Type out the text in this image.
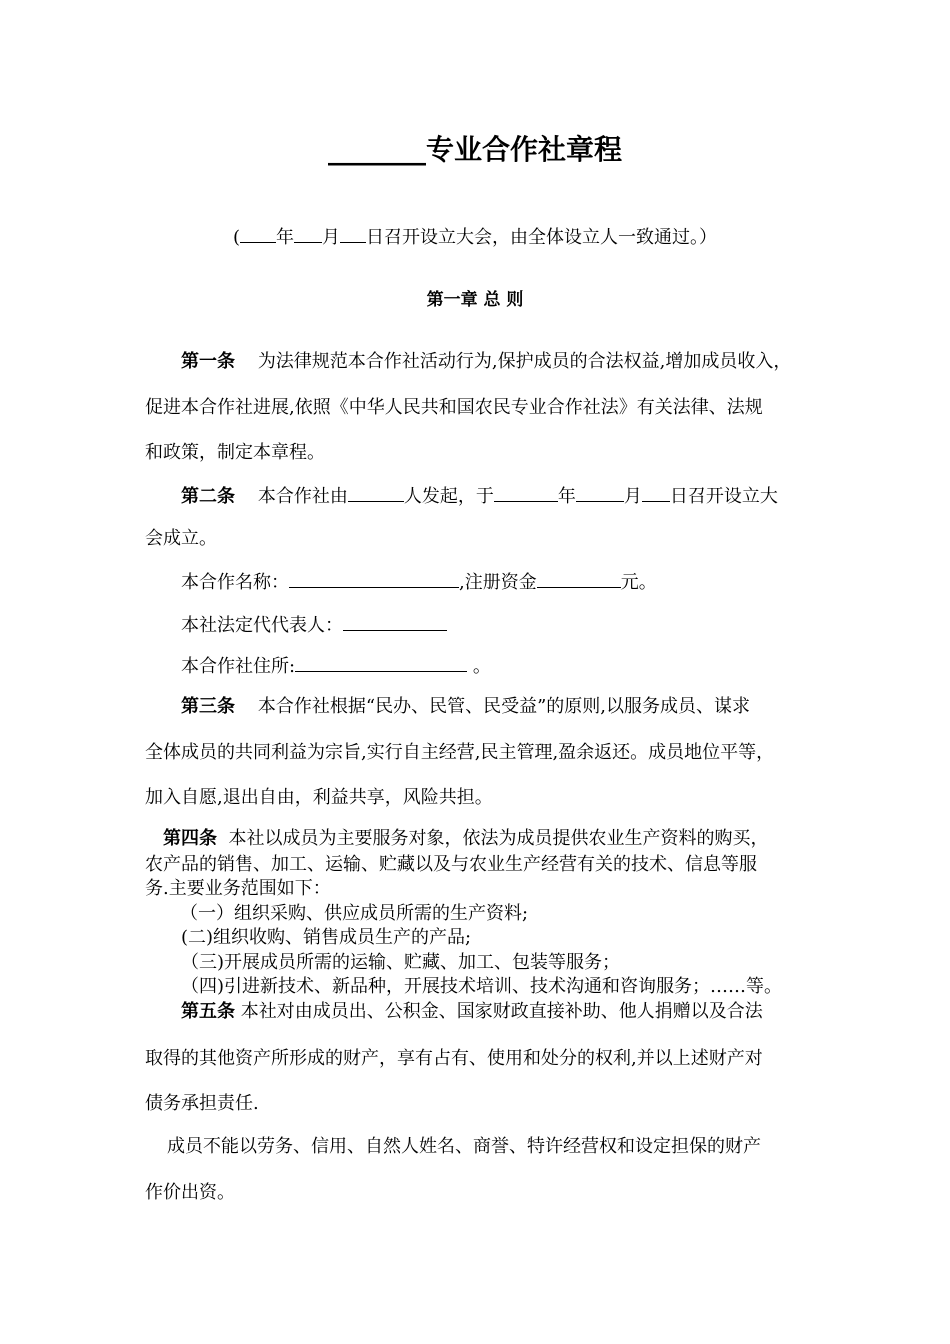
_______专业合作社章程
( 年 月 日召开设立大会，由全体设立人一致通过。）
第一章 总 则
第一条 为法律规范本合作社活动行为,保护成员的合法权益,增加成员收入，
促进本合作社进展,依照《中华人民共和国农民专业合作社法》有关法律、法规
和政策，制定本章程。
第二条 本合作社由	人发起，于	年	月 日召开设立大
会成立。
本合作名称：	,注册资金	元。
本社法定代代表人：
本合作社住所:	。
第三条 本合作社根据“民办、民管、民受益”的原则,以服务成员、谋求
全体成员的共同利益为宗旨,实行自主经营,民主管理,盈余返还。成员地位平等，
加入自愿,退出自由，利益共享，风险共担。
第四条 本社以成员为主要服务对象，依法为成员提供农业生产资料的购买，
农产品的销售、加工、运输、贮藏以及与农业生产经营有关的技术、信息等服
务.主要业务范围如下：
（一）组织采购、供应成员所需的生产资料;
(二)组织收购、销售成员生产的产品;
（三)开展成员所需的运输、贮藏、加工、包装等服务；
（四)引进新技术、新品种，开展技术培训、技术沟通和咨询服务；……等。
第五条 本社对由成员出、公积金、国家财政直接补助、他人捐赠以及合法
取得的其他资产所形成的财产，享有占有、使用和处分的权利,并以上述财产对
债务承担责任.
成员不能以劳务、信用、自然人姓名、商誉、特许经营权和设定担保的财产
作价出资。
